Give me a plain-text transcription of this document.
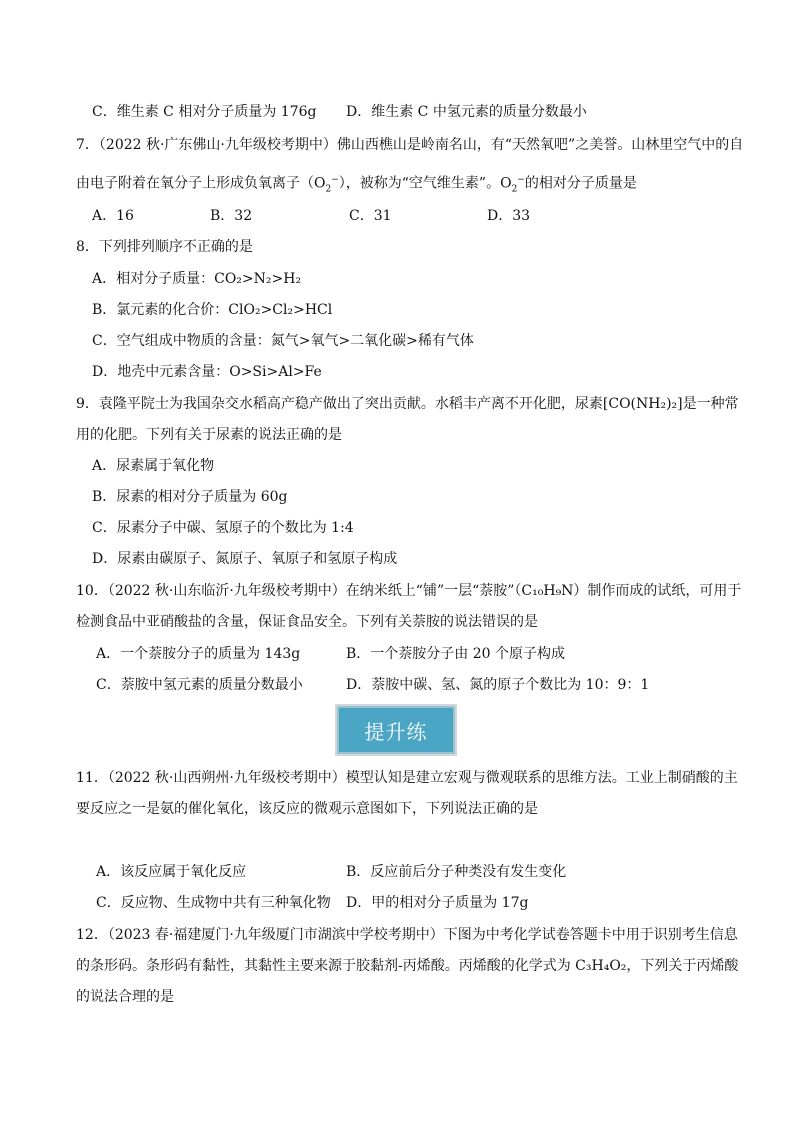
C．维生素 C 相对分子质量为 176g D．维生素 C 中氢元素的质量分数最小
7．（2022 秋·广东佛山·九年级校考期中）佛山西樵山是岭南名山，有“天然氧吧”之美誉。山林里空气中的自
由电子附着在氧分子上形成负氧离子$(O_2^-)$，被称为“空气维生素”。$O_2^-$的相对分子质量是
A．16	B．32	C．31	D．33
8．下列排列顺序不正确的是
A．相对分子质量：CO₂>N₂>H₂
B．氯元素的化合价：ClO₂>Cl₂>HCl
C．空气组成中物质的含量：氮气>氧气>二氧化碳>稀有气体
D．地壳中元素含量：O>Si>Al>Fe
9．袁隆平院士为我国杂交水稻高产稳产做出了突出贡献。水稻丰产离不开化肥，尿素[CO(NH₂)₂]是一种常
用的化肥。下列有关于尿素的说法正确的是
A．尿素属于氧化物
B．尿素的相对分子质量为 60g
C．尿素分子中碳、氢原子的个数比为 1:4
D．尿素由碳原子、氮原子、氧原子和氢原子构成
10．（2022 秋·山东临沂·九年级校考期中）在纳米纸上“铺”一层“萘胺”（C₁₀H₉N）制作而成的试纸，可用于
检测食品中亚硝酸盐的含量，保证食品安全。下列有关萘胺的说法错误的是
A．一个萘胺分子的质量为 143g	B．一个萘胺分子由 20 个原子构成
C．萘胺中氢元素的质量分数最小	D．萘胺中碳、氢、氮的原子个数比为 10：9：1
提升练
11．（2022 秋·山西朔州·九年级校考期中）模型认知是建立宏观与微观联系的思维方法。工业上制硝酸的主
要反应之一是氨的催化氧化，该反应的微观示意图如下，下列说法正确的是
A．该反应属于氧化反应	B．反应前后分子种类没有发生变化
C．反应物、生成物中共有三种氧化物 D．甲的相对分子质量为 17g
12．（2023 春·福建厦门·九年级厦门市湖滨中学校考期中）下图为中考化学试卷答题卡中用于识别考生信息
的条形码。条形码有黏性，其黏性主要来源于胶黏剂-丙烯酸。丙烯酸的化学式为 C₃H₄O₂，下列关于丙烯酸
的说法合理的是
